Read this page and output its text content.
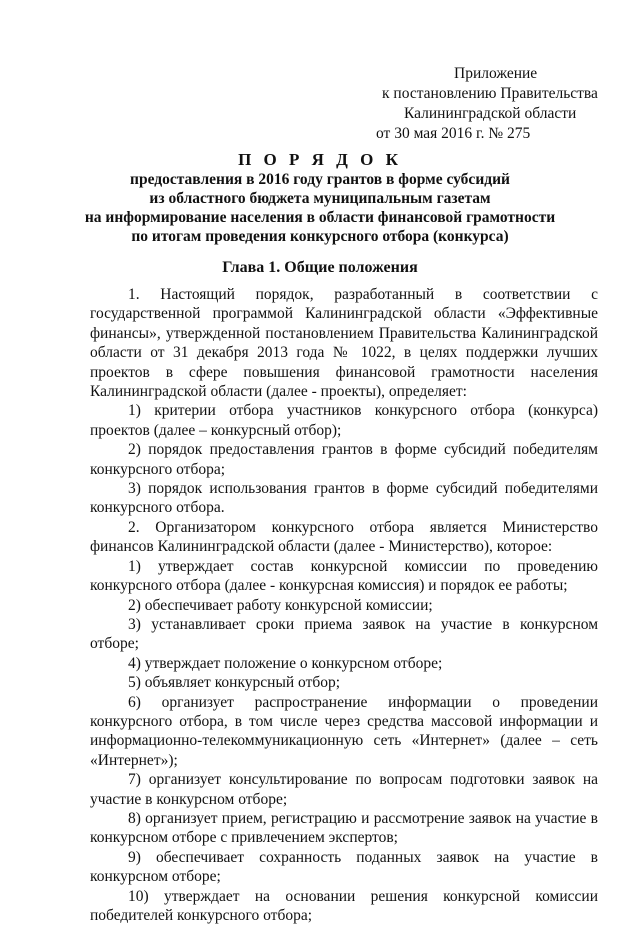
Приложение
к постановлению Правительства
Калининградской области
от 30 мая 2016 г. № 275
П О Р Я Д О К
предоставления в 2016 году грантов в форме субсидий
из областного бюджета муниципальным газетам
на информирование населения в области финансовой грамотности
по итогам проведения конкурсного отбора (конкурса)
Глава 1. Общие положения

1. Настоящий порядок, разработанный в соответствии с государственной программой Калининградской области «Эффективные финансы», утвержденной постановлением Правительства Калининградской области от 31 декабря 2013 года № 1022, в целях поддержки лучших проектов в сфере повышения финансовой грамотности населения Калининградской области (далее - проекты), определяет:

1) критерии отбора участников конкурсного отбора (конкурса) проектов (далее – конкурсный отбор);

2) порядок предоставления грантов в форме субсидий победителям конкурсного отбора;

3) порядок использования грантов в форме субсидий победителями конкурсного отбора.

2. Организатором конкурсного отбора является Министерство финансов Калининградской области (далее - Министерство), которое:

1) утверждает состав конкурсной комиссии по проведению конкурсного отбора (далее - конкурсная комиссия) и порядок ее работы;

2) обеспечивает работу конкурсной комиссии;

3) устанавливает сроки приема заявок на участие в конкурсном отборе;

4) утверждает положение о конкурсном отборе;

5) объявляет конкурсный отбор;

6) организует распространение информации о проведении конкурсного отбора, в том числе через средства массовой информации и информационно-телекоммуникационную сеть «Интернет» (далее – сеть «Интернет»);

7) организует консультирование по вопросам подготовки заявок на участие в конкурсном отборе;

8) организует прием, регистрацию и рассмотрение заявок на участие в конкурсном отборе с привлечением экспертов;

9) обеспечивает сохранность поданных заявок на участие в конкурсном отборе;

10) утверждает на основании решения конкурсной комиссии победителей конкурсного отбора;
